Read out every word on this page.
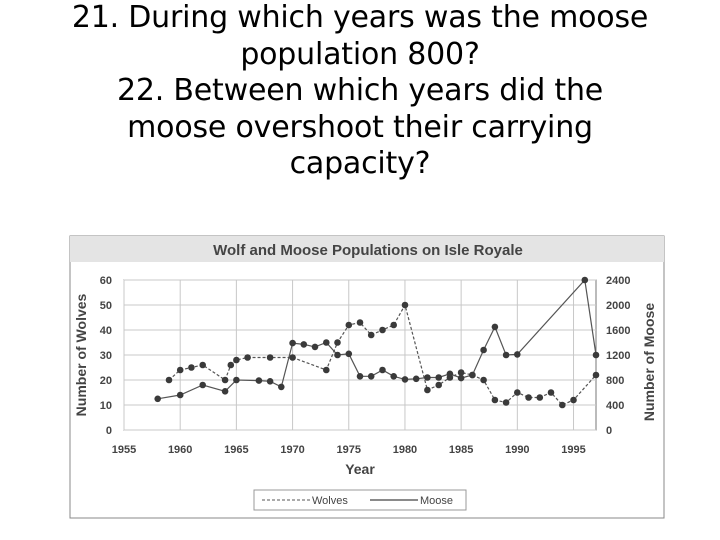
21. During which years was the moose
population 800?
22. Between which years did the
moose overshoot their carrying
capacity?
Wolf and Moose Populations on Isle Royale
1955	1960	1965	1970	1975	1980	1985	1990	1995
0
10
20
30
40
50
60
0
400
800
1200
1600
2000
2400
Number of Wolves	Number of Moose
Year
Wolves	Moose
